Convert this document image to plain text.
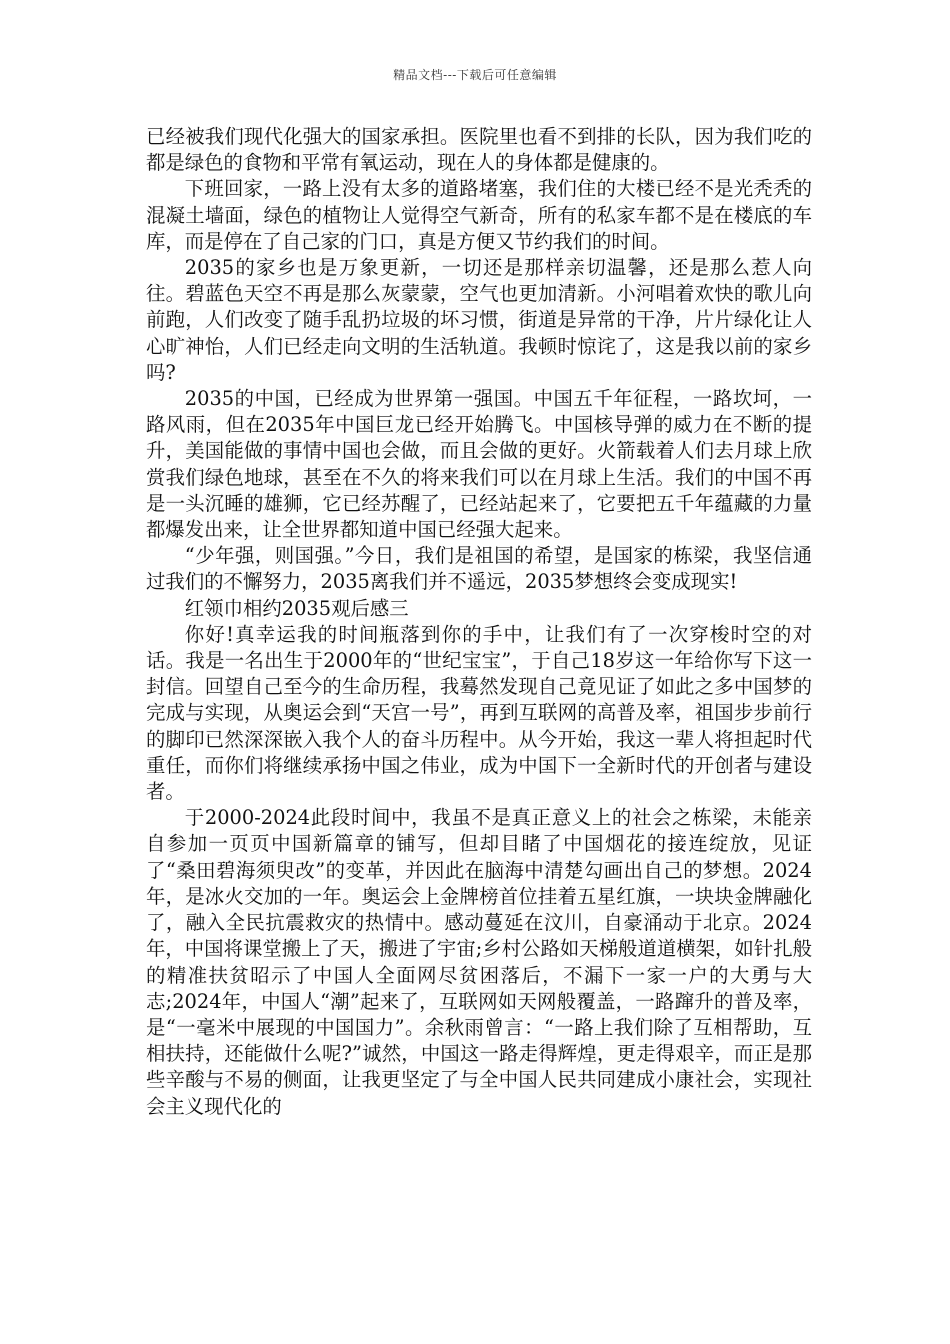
精品文档---下载后可任意编辑

已经被我们现代化强大的国家承担。医院里也看不到排的长队，因为我们吃的都是绿色的食物和平常有氧运动，现在人的身体都是健康的。

下班回家，一路上没有太多的道路堵塞，我们住的大楼已经不是光秃秃的混凝土墙面，绿色的植物让人觉得空气新奇，所有的私家车都不是在楼底的车库，而是停在了自己家的门口，真是方便又节约我们的时间。

2035的家乡也是万象更新，一切还是那样亲切温馨，还是那么惹人向往。碧蓝色天空不再是那么灰蒙蒙，空气也更加清新。小河唱着欢快的歌儿向前跑，人们改变了随手乱扔垃圾的坏习惯，街道是异常的干净，片片绿化让人心旷神怡，人们已经走向文明的生活轨道。我顿时惊诧了，这是我以前的家乡吗?

2035的中国，已经成为世界第一强国。中国五千年征程，一路坎坷，一路风雨，但在2035年中国巨龙已经开始腾飞。中国核导弹的威力在不断的提升，美国能做的事情中国也会做，而且会做的更好。火箭载着人们去月球上欣赏我们绿色地球，甚至在不久的将来我们可以在月球上生活。我们的中国不再是一头沉睡的雄狮，它已经苏醒了，已经站起来了，它要把五千年蕴藏的力量都爆发出来，让全世界都知道中国已经强大起来。

“少年强，则国强。”今日，我们是祖国的希望，是国家的栋梁，我坚信通过我们的不懈努力，2035离我们并不遥远，2035梦想终会变成现实!

红领巾相约2035观后感三

你好!真幸运我的时间瓶落到你的手中，让我们有了一次穿梭时空的对话。我是一名出生于2000年的“世纪宝宝”，于自己18岁这一年给你写下这一封信。回望自己至今的生命历程，我蓦然发现自己竟见证了如此之多中国梦的完成与实现，从奥运会到“天宫一号”，再到互联网的高普及率，祖国步步前行的脚印已然深深嵌入我个人的奋斗历程中。从今开始，我这一辈人将担起时代重任，而你们将继续承扬中国之伟业，成为中国下一全新时代的开创者与建设者。

于2000-2024此段时间中，我虽不是真正意义上的社会之栋梁，未能亲自参加一页页中国新篇章的铺写，但却目睹了中国烟花的接连绽放，见证了“桑田碧海须臾改”的变革，并因此在脑海中清楚勾画出自己的梦想。2024年，是冰火交加的一年。奥运会上金牌榜首位挂着五星红旗，一块块金牌融化了，融入全民抗震救灾的热情中。感动蔓延在汶川，自豪涌动于北京。2024年，中国将课堂搬上了天，搬进了宇宙;乡村公路如天梯般道道横架，如针扎般的精准扶贫昭示了中国人全面网尽贫困落后，不漏下一家一户的大勇与大志;2024年，中国人“潮”起来了，互联网如天网般覆盖，一路蹿升的普及率，是“一毫米中展现的中国国力”。余秋雨曾言：“一路上我们除了互相帮助，互相扶持，还能做什么呢?”诚然，中国这一路走得辉煌，更走得艰辛，而正是那些辛酸与不易的侧面，让我更坚定了与全中国人民共同建成小康社会，实现社会主义现代化的
